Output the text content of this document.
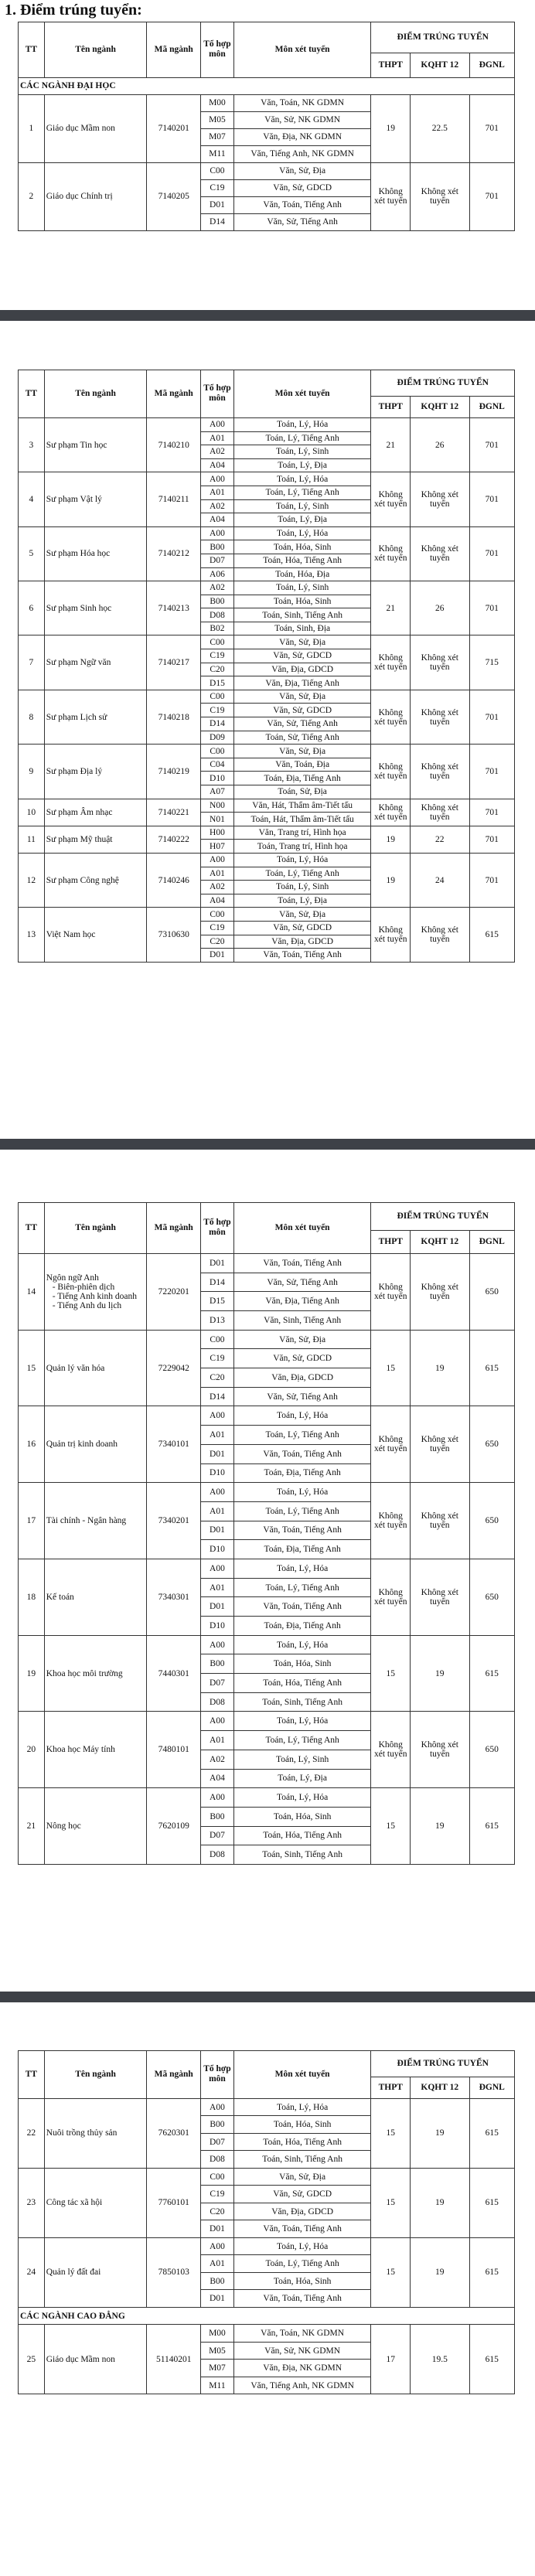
1. Điểm trúng tuyển:
TT	Tên ngành	Mã ngành	Tổ hợp môn	Môn xét tuyển	ĐIỂM TRÚNG TUYỂN		
					THPT	KQHT 12	ĐGNL
CÁC NGÀNH ĐẠI HỌC							
1	Giáo dục Mầm non	7140201	M00	Văn, Toán, NK GDMN	19	22.5	701
			M05	Văn, Sử, NK GDMN			
			M07	Văn, Địa, NK GDMN			
			M11	Văn, Tiếng Anh, NK GDMN			
2	Giáo dục Chính trị	7140205	C00	Văn, Sử, Địa	Không xét tuyển	Không xét tuyển	701
			C19	Văn, Sử, GDCD			
			D01	Văn, Toán, Tiếng Anh			
			D14	Văn, Sử, Tiếng Anh			
TT	Tên ngành	Mã ngành	Tổ hợp môn	Môn xét tuyển	ĐIỂM TRÚNG TUYỂN		
					THPT	KQHT 12	ĐGNL
3	Sư phạm Tin học	7140210	A00	Toán, Lý, Hóa	21	26	701
			A01	Toán, Lý, Tiếng Anh			
			A02	Toán, Lý, Sinh			
			A04	Toán, Lý, Địa			
4	Sư phạm Vật lý	7140211	A00	Toán, Lý, Hóa	Không xét tuyển	Không xét tuyển	701
			A01	Toán, Lý, Tiếng Anh			
			A02	Toán, Lý, Sinh			
			A04	Toán, Lý, Địa			
5	Sư phạm Hóa học	7140212	A00	Toán, Lý, Hóa	Không xét tuyển	Không xét tuyển	701
			B00	Toán, Hóa, Sinh			
			D07	Toán, Hóa, Tiếng Anh			
			A06	Toán, Hóa, Địa			
6	Sư phạm Sinh học	7140213	A02	Toán, Lý, Sinh	21	26	701
			B00	Toán, Hóa, Sinh			
			D08	Toán, Sinh, Tiếng Anh			
			B02	Toán, Sinh, Địa			
7	Sư phạm Ngữ văn	7140217	C00	Văn, Sử, Địa	Không xét tuyển	Không xét tuyển	715
			C19	Văn, Sử, GDCD			
			C20	Văn, Địa, GDCD			
			D15	Văn, Địa, Tiếng Anh			
8	Sư phạm Lịch sử	7140218	C00	Văn, Sử, Địa	Không xét tuyển	Không xét tuyển	701
			C19	Văn, Sử, GDCD			
			D14	Văn, Sử, Tiếng Anh			
			D09	Toán, Sử, Tiếng Anh			
9	Sư phạm Địa lý	7140219	C00	Văn, Sử, Địa	Không xét tuyển	Không xét tuyển	701
			C04	Văn, Toán, Địa			
			D10	Toán, Địa, Tiếng Anh			
			A07	Toán, Sử, Địa			
10	Sư phạm Âm nhạc	7140221	N00	Văn, Hát, Thẩm âm-Tiết tấu	Không xét tuyển	Không xét tuyển	701
			N01	Toán, Hát, Thẩm âm-Tiết tấu			
11	Sư phạm Mỹ thuật	7140222	H00	Văn, Trang trí, Hình họa	19	22	701
			H07	Toán, Trang trí, Hình họa			
12	Sư phạm Công nghệ	7140246	A00	Toán, Lý, Hóa	19	24	701
			A01	Toán, Lý, Tiếng Anh			
			A02	Toán, Lý, Sinh			
			A04	Toán, Lý, Địa			
13	Việt Nam học	7310630	C00	Văn, Sử, Địa	Không xét tuyển	Không xét tuyển	615
			C19	Văn, Sử, GDCD			
			C20	Văn, Địa, GDCD			
			D01	Văn, Toán, Tiếng Anh			
TT	Tên ngành	Mã ngành	Tổ hợp môn	Môn xét tuyển	ĐIỂM TRÚNG TUYỂN		
					THPT	KQHT 12	ĐGNL
14	Ngôn ngữ Anh
- Biên-phiên dịch
- Tiếng Anh kinh doanh
- Tiếng Anh du lịch	7220201	D01	Văn, Toán, Tiếng Anh	Không xét tuyển	Không xét tuyển	650
			D14	Văn, Sử, Tiếng Anh			
			D15	Văn, Địa, Tiếng Anh			
			D13	Văn, Sinh, Tiếng Anh			
15	Quản lý văn hóa	7229042	C00	Văn, Sử, Địa	15	19	615
			C19	Văn, Sử, GDCD			
			C20	Văn, Địa, GDCD			
			D14	Văn, Sử, Tiếng Anh			
16	Quản trị kinh doanh	7340101	A00	Toán, Lý, Hóa	Không xét tuyển	Không xét tuyển	650
			A01	Toán, Lý, Tiếng Anh			
			D01	Văn, Toán, Tiếng Anh			
			D10	Toán, Địa, Tiếng Anh			
17	Tài chính - Ngân hàng	7340201	A00	Toán, Lý, Hóa	Không xét tuyển	Không xét tuyển	650
			A01	Toán, Lý, Tiếng Anh			
			D01	Văn, Toán, Tiếng Anh			
			D10	Toán, Địa, Tiếng Anh			
18	Kế toán	7340301	A00	Toán, Lý, Hóa	Không xét tuyển	Không xét tuyển	650
			A01	Toán, Lý, Tiếng Anh			
			D01	Văn, Toán, Tiếng Anh			
			D10	Toán, Địa, Tiếng Anh			
19	Khoa học môi trường	7440301	A00	Toán, Lý, Hóa	15	19	615
			B00	Toán, Hóa, Sinh			
			D07	Toán, Hóa, Tiếng Anh			
			D08	Toán, Sinh, Tiếng Anh			
20	Khoa học Máy tính	7480101	A00	Toán, Lý, Hóa	Không xét tuyển	Không xét tuyển	650
			A01	Toán, Lý, Tiếng Anh			
			A02	Toán, Lý, Sinh			
			A04	Toán, Lý, Địa			
21	Nông học	7620109	A00	Toán, Lý, Hóa	15	19	615
			B00	Toán, Hóa, Sinh			
			D07	Toán, Hóa, Tiếng Anh			
			D08	Toán, Sinh, Tiếng Anh			
TT	Tên ngành	Mã ngành	Tổ hợp môn	Môn xét tuyển	ĐIỂM TRÚNG TUYỂN		
					THPT	KQHT 12	ĐGNL
22	Nuôi trồng thủy sản	7620301	A00	Toán, Lý, Hóa	15	19	615
			B00	Toán, Hóa, Sinh			
			D07	Toán, Hóa, Tiếng Anh			
			D08	Toán, Sinh, Tiếng Anh			
23	Công tác xã hội	7760101	C00	Văn, Sử, Địa	15	19	615
			C19	Văn, Sử, GDCD			
			C20	Văn, Địa, GDCD			
			D01	Văn, Toán, Tiếng Anh			
24	Quản lý đất đai	7850103	A00	Toán, Lý, Hóa	15	19	615
			A01	Toán, Lý, Tiếng Anh			
			B00	Toán, Hóa, Sinh			
			D01	Văn, Toán, Tiếng Anh			
CÁC NGÀNH CAO ĐẲNG							
25	Giáo dục Mầm non	51140201	M00	Văn, Toán, NK GDMN	17	19.5	615
			M05	Văn, Sử, NK GDMN			
			M07	Văn, Địa, NK GDMN			
			M11	Văn, Tiếng Anh, NK GDMN			
